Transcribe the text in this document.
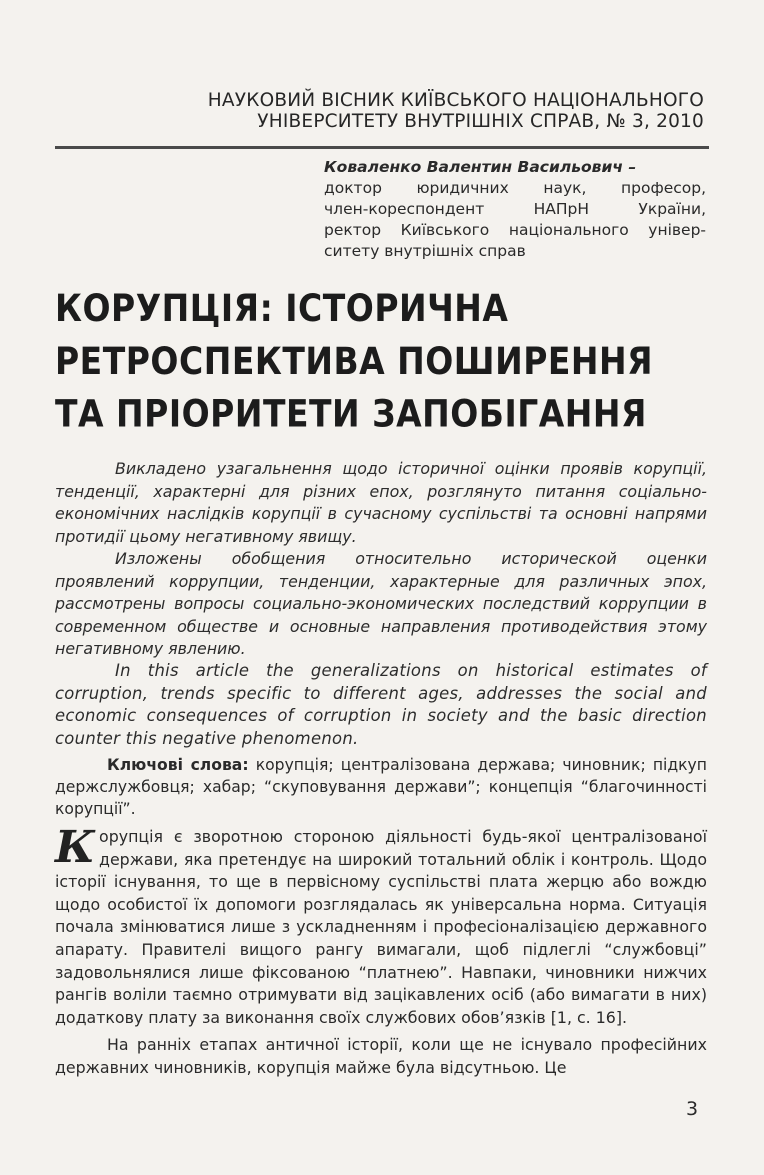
НАУКОВИЙ ВІСНИК КИЇВСЬКОГО НАЦІОНАЛЬНОГО
УНІВЕРСИТЕТУ ВНУТРІШНІХ СПРАВ, № 3, 2010
Коваленко Валентин Васильович –
доктор юридичних наук, професор,
член-кореспондент НАПрН України,
ректор Київського національного універ-
ситету внутрішніх справ
КОРУПЦІЯ: ІСТОРИЧНА
РЕТРОСПЕКТИВА ПОШИРЕННЯ
ТА ПРІОРИТЕТИ ЗАПОБІГАННЯ

Викладено узагальнення щодо історичної оцінки проявів корупції, тенденції, характерні для різних епох, розглянуто питання соціально-економічних наслідків корупції в сучасному суспільстві та основні напрями протидії цьому негативному явищу.

Изложены обобщения относительно исторической оценки проявлений коррупции, тенденции, характерные для различных эпох, рассмотрены вопросы социально-экономических последствий коррупции в современном обществе и основные направления противодействия этому негативному явлению.

In this article the generalizations on historical estimates of corruption, trends specific to different ages, addresses the social and economic consequences of corruption in society and the basic direction counter this negative phenomenon.

Ключові слова: корупція; централізована держава; чиновник; підкуп держслужбовця; хабар; “скуповування держави”; концепція “благочинності корупції”.

Корупція є зворотною стороною діяльності будь-якої централізованої держави, яка претендує на широкий тотальний облік і контроль. Щодо історії існування, то ще в первісному суспільстві плата жерцю або вождю щодо особистої їх допомоги розглядалась як універсальна норма. Ситуація почала змінюватися лише з ускладненням і професіоналізацією державного апарату. Правителі вищого рангу вимагали, щоб підлеглі “службовці” задовольнялися лише фіксованою “платнею”. Навпаки, чиновники нижчих рангів воліли таємно отримувати від зацікавлених осіб (або вимагати в них) додаткову плату за виконання своїх службових обов’язків [1, с. 16].

На ранніх етапах античної історії, коли ще не існувало професійних державних чиновників, корупція майже була відсутньою. Це

3
